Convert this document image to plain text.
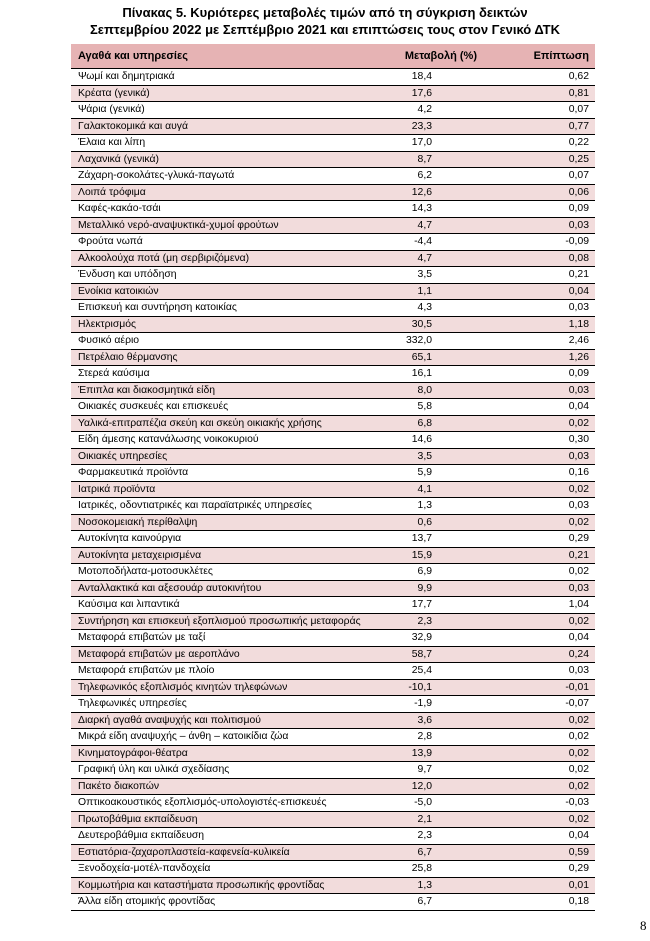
Πίνακας 5. Κυριότερες μεταβολές τιμών από τη σύγκριση δεικτών
Σεπτεμβρίου 2022 με Σεπτέμβριο 2021 και επιπτώσεις τους στον Γενικό ΔΤΚ
Αγαθά και υπηρεσίες	Μεταβολή (%)	Επίπτωση
Ψωμί και δημητριακά	18,4	0,62
Κρέατα (γενικά)	17,6	0,81
Ψάρια (γενικά)	4,2	0,07
Γαλακτοκομικά και αυγά	23,3	0,77
Έλαια και λίπη	17,0	0,22
Λαχανικά (γενικά)	8,7	0,25
Ζάχαρη-σοκολάτες-γλυκά-παγωτά	6,2	0,07
Λοιπά τρόφιμα	12,6	0,06
Καφές-κακάο-τσάι	14,3	0,09
Μεταλλικό νερό-αναψυκτικά-χυμοί φρούτων	4,7	0,03
Φρούτα νωπά	-4,4	-0,09
Αλκοολούχα ποτά (μη σερβιριζόμενα)	4,7	0,08
Ένδυση και υπόδηση	3,5	0,21
Ενοίκια κατοικιών	1,1	0,04
Επισκευή και συντήρηση κατοικίας	4,3	0,03
Ηλεκτρισμός	30,5	1,18
Φυσικό αέριο	332,0	2,46
Πετρέλαιο θέρμανσης	65,1	1,26
Στερεά καύσιμα	16,1	0,09
Έπιπλα και διακοσμητικά είδη	8,0	0,03
Οικιακές συσκευές και επισκευές	5,8	0,04
Υαλικά-επιτραπέζια σκεύη και σκεύη οικιακής χρήσης	6,8	0,02
Είδη άμεσης κατανάλωσης νοικοκυριού	14,6	0,30
Οικιακές υπηρεσίες	3,5	0,03
Φαρμακευτικά προϊόντα	5,9	0,16
Ιατρικά προϊόντα	4,1	0,02
Ιατρικές, οδοντιατρικές και παραϊατρικές υπηρεσίες	1,3	0,03
Νοσοκομειακή περίθαλψη	0,6	0,02
Αυτοκίνητα καινούργια	13,7	0,29
Αυτοκίνητα μεταχειρισμένα	15,9	0,21
Μοτοποδήλατα-μοτοσυκλέτες	6,9	0,02
Ανταλλακτικά και αξεσουάρ αυτοκινήτου	9,9	0,03
Καύσιμα και λιπαντικά	17,7	1,04
Συντήρηση και επισκευή εξοπλισμού προσωπικής μεταφοράς	2,3	0,02
Μεταφορά επιβατών με ταξί	32,9	0,04
Μεταφορά επιβατών με αεροπλάνο	58,7	0,24
Μεταφορά επιβατών με πλοίο	25,4	0,03
Τηλεφωνικός εξοπλισμός κινητών τηλεφώνων	-10,1	-0,01
Τηλεφωνικές υπηρεσίες	-1,9	-0,07
Διαρκή αγαθά αναψυχής και πολιτισμού	3,6	0,02
Μικρά είδη αναψυχής – άνθη – κατοικίδια ζώα	2,8	0,02
Κινηματογράφοι-θέατρα	13,9	0,02
Γραφική ύλη και υλικά σχεδίασης	9,7	0,02
Πακέτο διακοπών	12,0	0,02
Οπτικοακουστικός εξοπλισμός-υπολογιστές-επισκευές	-5,0	-0,03
Πρωτοβάθμια εκπαίδευση	2,1	0,02
Δευτεροβάθμια εκπαίδευση	2,3	0,04
Εστιατόρια-ζαχαροπλαστεία-καφενεία-κυλικεία	6,7	0,59
Ξενοδοχεία-μοτέλ-πανδοχεία	25,8	0,29
Κομμωτήρια και καταστήματα προσωπικής φροντίδας	1,3	0,01
Άλλα είδη ατομικής φροντίδας	6,7	0,18
8
